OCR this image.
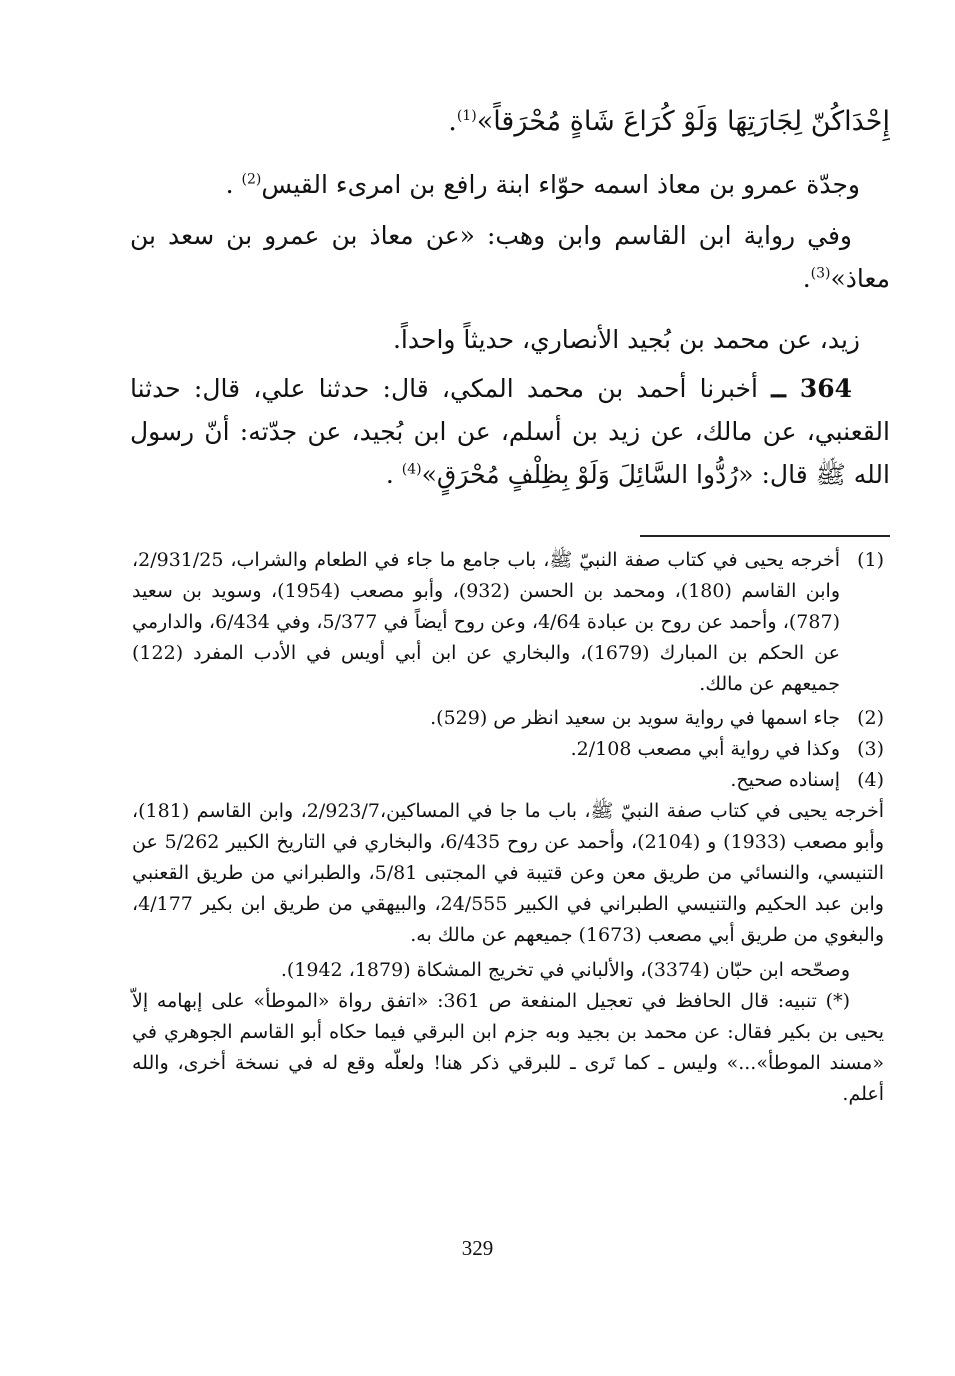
إِحْدَاكُنّ لِجَارَتِهَا وَلَوْ كُرَاعَ شَاةٍ مُحْرَقاً»$^{(1)}$.
وجدّة عمرو بن معاذ اسمه حوّاء ابنة رافع بن امرىء القيس$^{(2)}$ .
وفي رواية ابن القاسم وابن وهب: «عن معاذ بن عمرو بن سعد بن معاذ»$^{(3)}$.
زيد، عن محمد بن بُجيد الأنصاري، حديثاً واحداً.
364 ــ أخبرنا أحمد بن محمد المكي، قال: حدثنا علي، قال: حدثنا القعنبي، عن مالك، عن زيد بن أسلم، عن ابن بُجيد، عن جدّته: أنّ رسول الله ﷺ قال: «رُدُّوا السَّائِلَ وَلَوْ بِظِلْفٍ مُحْرَقٍ»$^{(4)}$ .
(1)
أخرجه يحيى في كتاب صفة النبيّ ﷺ، باب جامع ما جاء في الطعام والشراب، 2/931/25، وابن القاسم (180)، ومحمد بن الحسن (932)، وأبو مصعب (1954)، وسويد بن سعيد (787)، وأحمد عن روح بن عبادة 4/64، وعن روح أيضاً في 5/377، وفي 6/434، والدارمي عن الحكم بن المبارك (1679)، والبخاري عن ابن أبي أويس في الأدب المفرد (122) جميعهم عن مالك.
(2)
جاء اسمها في رواية سويد بن سعيد انظر ص (529).
(3)
وكذا في رواية أبي مصعب 2/108.
(4)
إسناده صحيح.
أخرجه يحيى في كتاب صفة النبيّ ﷺ، باب ما جا في المساكين،2/923/7، وابن القاسم (181)، وأبو مصعب (1933) و (2104)، وأحمد عن روح 6/435، والبخاري في التاريخ الكبير 5/262 عن التنيسي، والنسائي من طريق معن وعن قتيبة في المجتبى 5/81، والطبراني من طريق القعنبي وابن عبد الحكيم والتنيسي الطبراني في الكبير 24/555، والبيهقي من طريق ابن بكير 4/177، والبغوي من طريق أبي مصعب (1673) جميعهم عن مالك به.
وصحّحه ابن حبّان (3374)، والألباني في تخريج المشكاة (1879، 1942).
(*) تنبيه: قال الحافظ في تعجيل المنفعة ص 361: «اتفق رواة «الموطأ» على إبهامه إلاّ يحيى بن بكير فقال: عن محمد بن بجيد وبه جزم ابن البرقي فيما حكاه أبو القاسم الجوهري في «مسند الموطأ»...» وليس ـ كما تَرى ـ للبرقي ذكر هنا! ولعلّه وقع له في نسخة أخرى، والله أعلم.
329
